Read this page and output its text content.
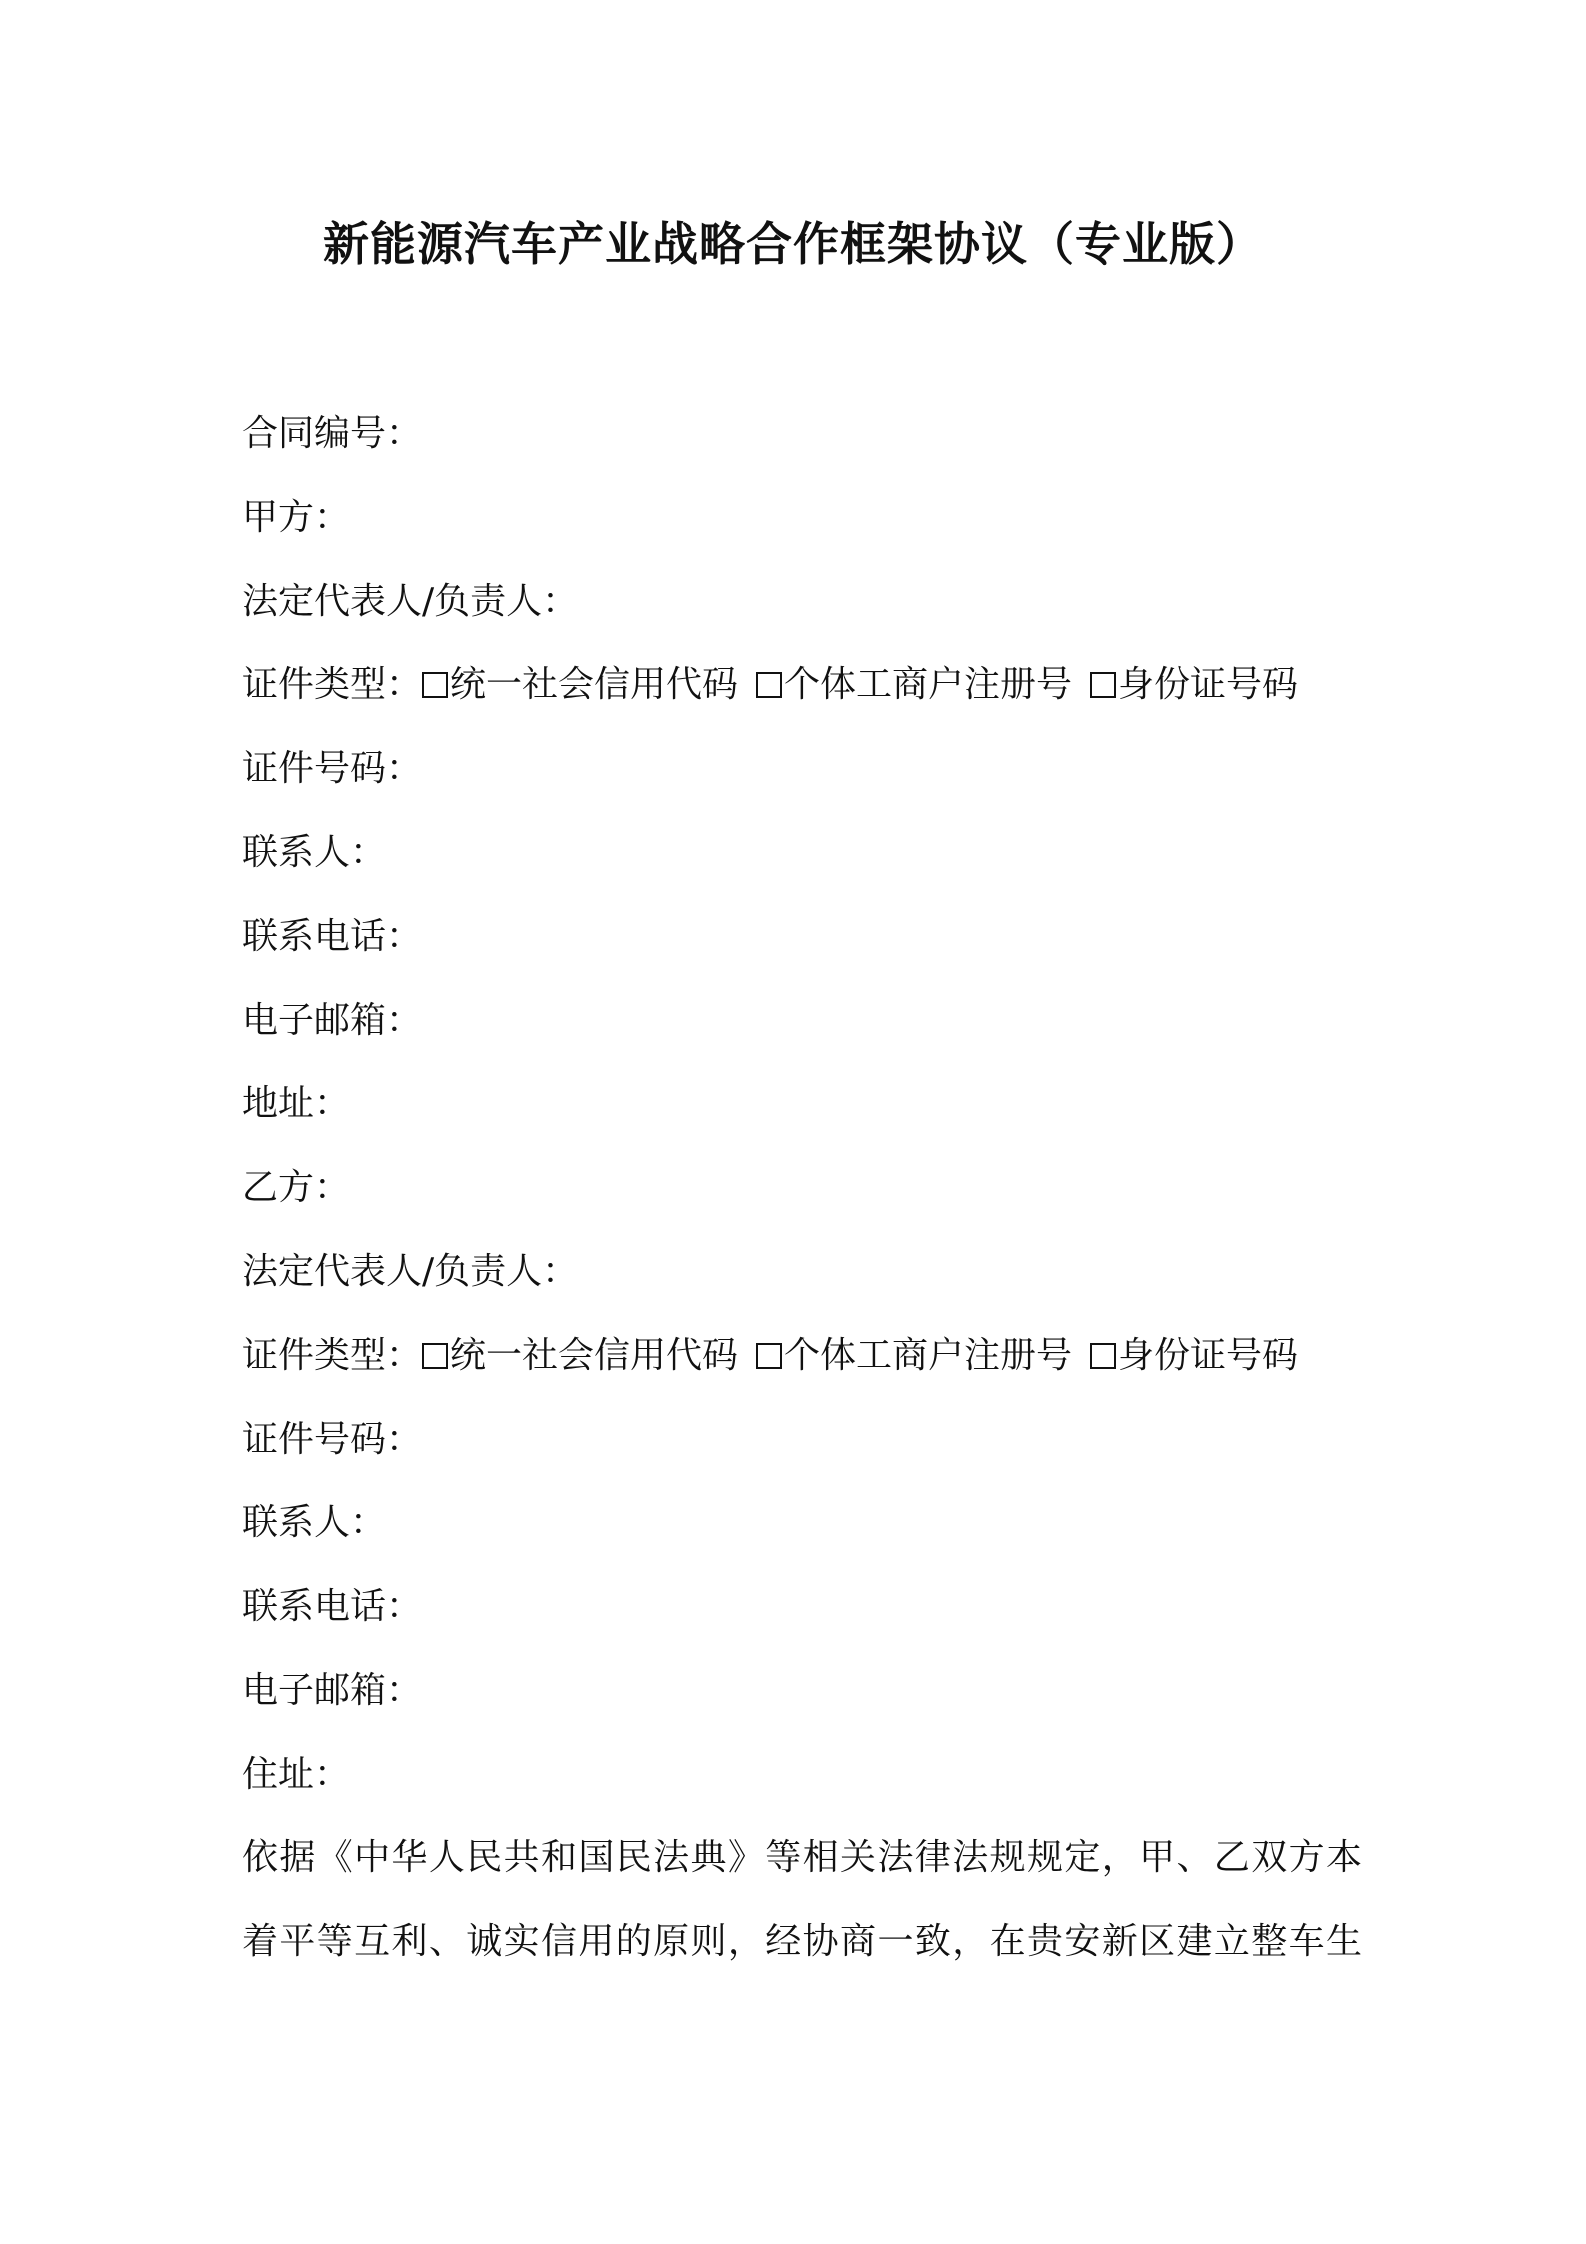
新能源汽车产业战略合作框架协议（专业版）
合同编号：
甲方：
法定代表人/负责人：
证件类型： 统一社会信用代码 个体工商户注册号 身份证号码
证件号码：
联系人：
联系电话：
电子邮箱：
地址：
乙方：
法定代表人/负责人：
证件类型： 统一社会信用代码 个体工商户注册号 身份证号码
证件号码：
联系人：
联系电话：
电子邮箱：
住址：
依据《中华人民共和国民法典》等相关法律法规规定，甲、乙双方本
着平等互利、诚实信用的原则，经协商一致，在贵安新区建立整车生
